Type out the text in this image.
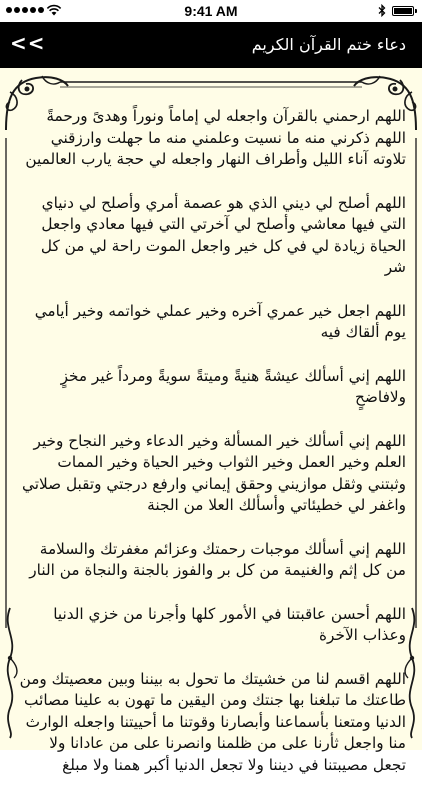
9:41 AM
<<	دعاء ختم القرآن الكريم

اللهم ارحمني بالقرآن واجعله لي إماماً ونوراً وهدىً ورحمةً اللهم ذكرني منه ما نسيت وعلمني منه ما جهلت وارزقني تلاوته آناء الليل وأطراف النهار واجعله لي حجة يارب العالمين

اللهم أصلح لي ديني الذي هو عصمة أمري وأصلح لي دنياي التي فيها معاشي وأصلح لي آخرتي التي فيها معادي واجعل الحياة زيادة لي في كل خير واجعل الموت راحة لي من كل شر

اللهم اجعل خير عمري آخره وخير عملي خواتمه وخير أيامي يوم ألقاك فيه

اللهم إني أسألك عيشةً هنيةً وميتةً سويةً ومرداً غير مخزٍ ولافاضحٍ

اللهم إني أسألك خير المسألة وخير الدعاء وخير النجاح وخير العلم وخير العمل وخير الثواب وخير الحياة وخير الممات وثبتني وثقل موازيني وحقق إيماني وارفع درجتي وتقبل صلاتي واغفر لي خطيئاتي وأسألك العلا من الجنة

اللهم إني أسألك موجبات رحمتك وعزائم مغفرتك والسلامة من كل إثم والغنيمة من كل بر والفوز بالجنة والنجاة من النار

اللهم أحسن عاقبتنا في الأمور كلها وأجرنا من خزي الدنيا وعذاب الآخرة

اللهم اقسم لنا من خشيتك ما تحول به بيننا وبين معصيتك ومن طاعتك ما تبلغنا بها جنتك ومن اليقين ما تهون به علينا مصائب الدنيا ومتعنا بأسماعنا وأبصارنا وقوتنا ما أحييتنا واجعله الوارث منا واجعل ثأرنا على من ظلمنا وانصرنا على من عادانا ولا تجعل مصيبتنا في ديننا ولا تجعل الدنيا أكبر همنا ولا مبلغ
